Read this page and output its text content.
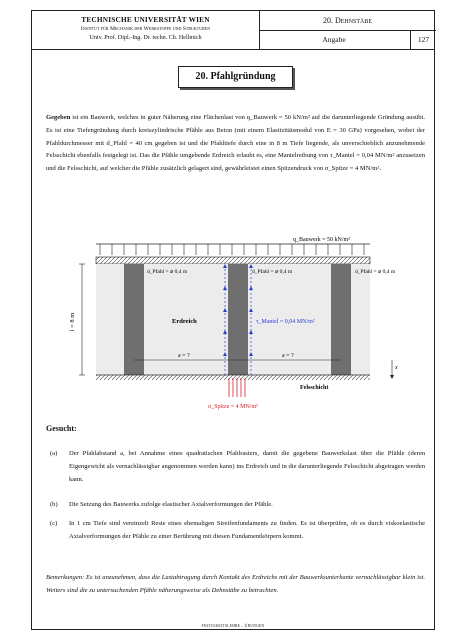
TECHNISCHE UNIVERSITÄT WIEN
Institut für Mechanik der Werkstoffe und Strukturen
Univ. Prof. Dipl.-Ing. Dr. techn. Ch. Hellmich
20. Dehnstäbe
Angabe	127
FESTIGKEITSLEHRE – ÜBUNGEN
20. Pfahlgründung
Gegeben ist ein Bauwerk, welches in guter Näherung eine Flächenlast von q_Bauwerk = 50 kN/m² auf die darunterliegende Gründung ausübt. Es ist eine Tiefengründung durch kreiszylindrische Pfähle aus Beton (mit einem Elastizitätsmodul von E = 30 GPa) vorgesehen, wobei der Pfahldurchmesser mit d_Pfahl = 40 cm gegeben ist und die Pfahltiefe durch eine in 8 m Tiefe liegende, als unverschieblich anzunehmende Felsschicht ebenfalls festgelegt ist. Das die Pfähle umgebende Erdreich erlaubt es, eine Mantelreibung von τ_Mantel = 0,04 MN/m² anzusetzen und die Felsschicht, auf welcher die Pfähle zusätzlich gelagert sind, gewährleistet einen Spitzendruck von σ_Spitze = 4 MN/m².
q_Bauwerk = 50 kN/m²
Felsschicht
d_Pfahl = ⌀ 0,4 m	d_Pfahl = ⌀ 0,4 m	d_Pfahl = ⌀ 0,4 m
l = 8 m	τ_Mantel = 0,04 MN/m²
Erdreich
a = ?	a = ?
x
σ_Spitze = 4 MN/m²
Gesucht:
(a) Der Pfahlabstand a, bei Annahme eines quadratischen Pfahlrasters, damit die gegebene Bauwerkslast über die Pfähle (deren Eigengewicht als vernachlässigbar angenommen werden kann) ins Erdreich und in die darunterliegende Felsschicht abgetragen werden kann.
(b) Die Setzung des Bauwerks zufolge elastischer Axialverformungen der Pfähle.
(c) In 1 cm Tiefe sind vereinzelt Reste eines ehemaligen Streifenfundaments zu finden. Es ist überprüfen, ob es durch viskoelastische Axialverformungen der Pfähle zu einer Berührung mit diesen Fundamentkörpern kommt.
Bemerkungen: Es ist anzunehmen, dass die Lastabtragung durch Kontakt des Erdreichs mit der Bauwerksunterkante vernachlässigbar klein ist. Weiters sind die zu untersuchenden Pfähle näherungsweise als Dehnstäbe zu betrachten.
